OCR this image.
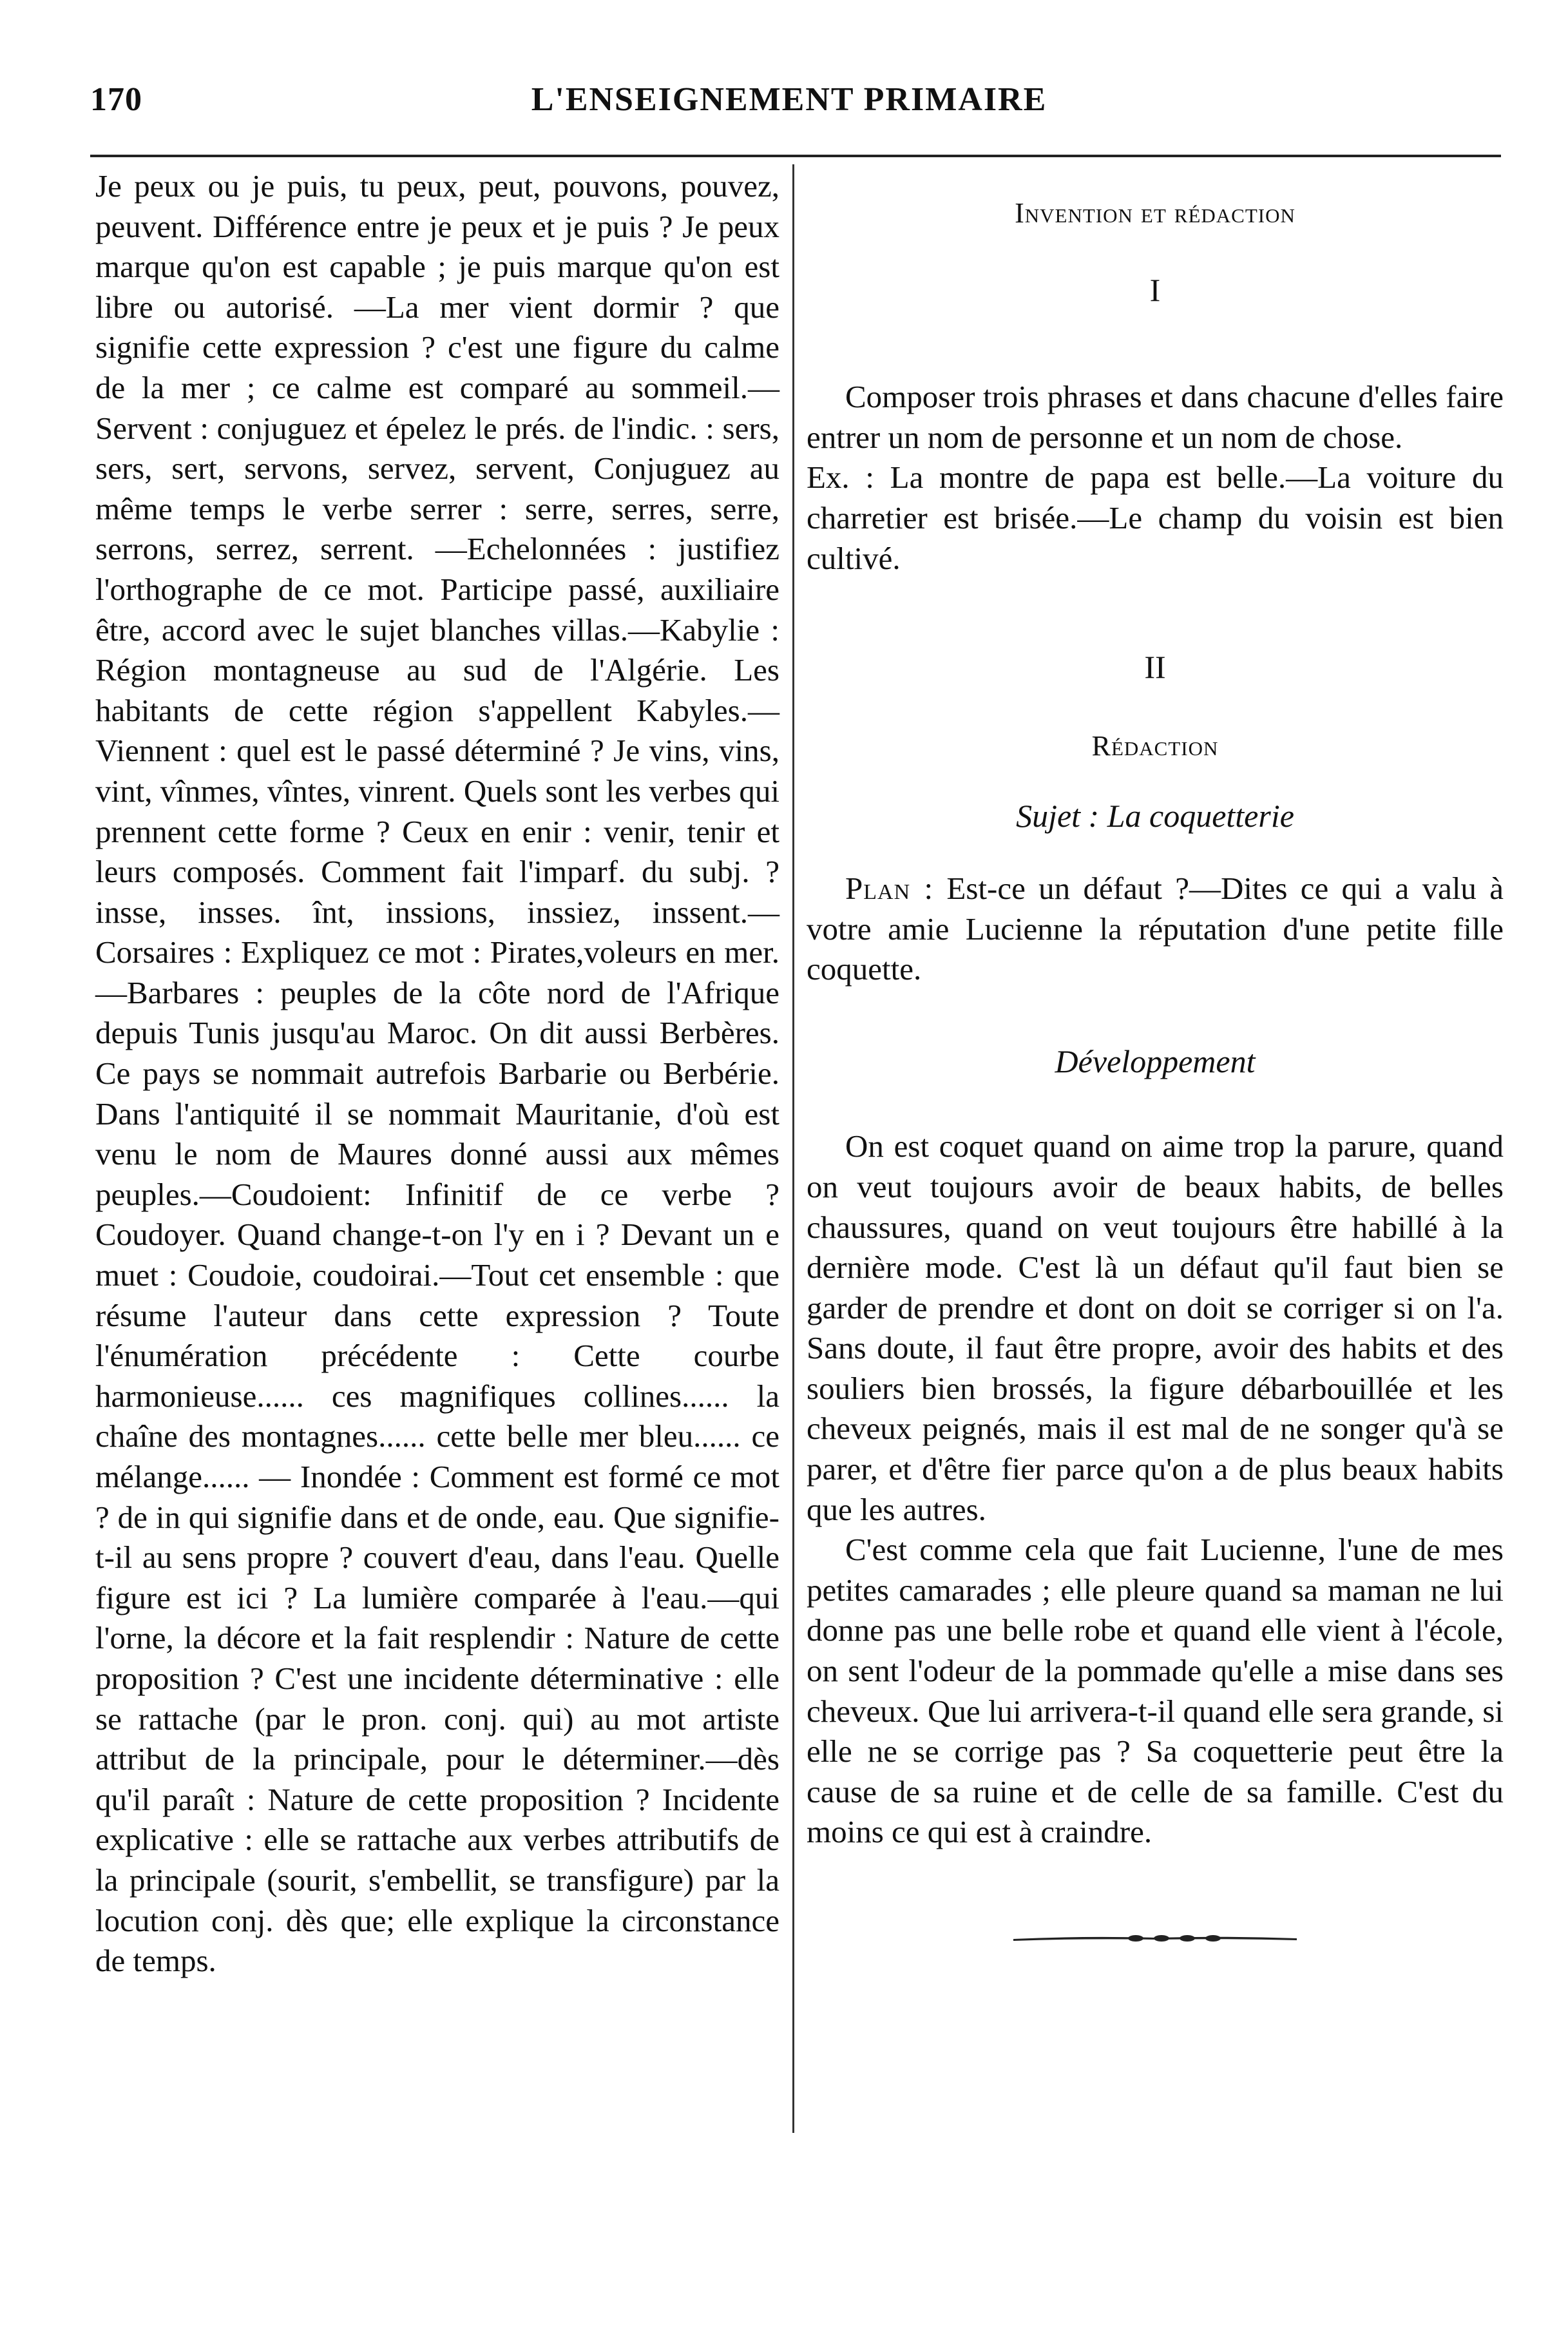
170	L'ENSEIGNEMENT PRIMAIRE

Je peux ou je puis, tu peux, peut, pouvons, pouvez, peuvent. Différence entre je peux et je puis ? Je peux marque qu'on est capable ; je puis marque qu'on est libre ou autorisé. —La mer vient dormir ? que signifie cette expression ? c'est une figure du calme de la mer ; ce calme est comparé au sommeil.— Servent : conjuguez et épelez le prés. de l'indic. : sers, sers, sert, servons, servez, servent, Conjuguez au même temps le verbe serrer : serre, serres, serre, serrons, serrez, serrent. —Echelonnées : justifiez l'orthographe de ce mot. Participe passé, auxiliaire être, accord avec le sujet blanches villas.—Kabylie : Région montagneuse au sud de l'Algérie. Les habitants de cette région s'appellent Kabyles.— Viennent : quel est le passé déterminé ? Je vins, vins, vint, vînmes, vîntes, vinrent. Quels sont les verbes qui prennent cette forme ? Ceux en enir : venir, tenir et leurs composés. Comment fait l'imparf. du subj. ? insse, insses. înt, inssions, inssiez, inssent.—Corsaires : Expliquez ce mot : Pirates,voleurs en mer.—Barbares : peuples de la côte nord de l'Afrique depuis Tunis jusqu'au Maroc. On dit aussi Berbères. Ce pays se nommait autrefois Barbarie ou Berbérie. Dans l'antiquité il se nommait Mauritanie, d'où est venu le nom de Maures donné aussi aux mêmes peuples.—Coudoient: Infinitif de ce verbe ? Coudoyer. Quand change-t-on l'y en i ? Devant un e muet : Coudoie, coudoirai.—Tout cet ensemble : que résume l'auteur dans cette expression ? Toute l'énumération précédente : Cette courbe harmonieuse...... ces magnifiques collines...... la chaîne des montagnes...... cette belle mer bleu...... ce mélange...... — Inondée : Comment est formé ce mot ? de in qui signifie dans et de onde, eau. Que signifie-t-il au sens propre ? couvert d'eau, dans l'eau. Quelle figure est ici ? La lumière comparée à l'eau.—qui l'orne, la décore et la fait resplendir : Nature de cette proposition ? C'est une incidente déterminative : elle se rattache (par le pron. conj. qui) au mot artiste attribut de la principale, pour le déterminer.—dès qu'il paraît : Nature de cette proposition ? Incidente explicative : elle se rattache aux verbes attributifs de la principale (sourit, s'embellit, se transfigure) par la locution conj. dès que; elle explique la circonstance de temps.

Invention et rédaction

I

Composer trois phrases et dans chacune d'elles faire entrer un nom de personne et un nom de chose.

Ex. : La montre de papa est belle.—La voiture du charretier est brisée.—Le champ du voisin est bien cultivé.

II

Rédaction

Sujet : La coquetterie

Plan : Est-ce un défaut ?—Dites ce qui a valu à votre amie Lucienne la réputation d'une petite fille coquette.

Développement

On est coquet quand on aime trop la parure, quand on veut toujours avoir de beaux habits, de belles chaussures, quand on veut toujours être habillé à la dernière mode. C'est là un défaut qu'il faut bien se garder de prendre et dont on doit se corriger si on l'a. Sans doute, il faut être propre, avoir des habits et des souliers bien brossés, la figure débarbouillée et les cheveux peignés, mais il est mal de ne songer qu'à se parer, et d'être fier parce qu'on a de plus beaux habits que les autres.

C'est comme cela que fait Lucienne, l'une de mes petites camarades ; elle pleure quand sa maman ne lui donne pas une belle robe et quand elle vient à l'école, on sent l'odeur de la pommade qu'elle a mise dans ses cheveux. Que lui arrivera-t-il quand elle sera grande, si elle ne se corrige pas ? Sa coquetterie peut être la cause de sa ruine et de celle de sa famille. C'est du moins ce qui est à craindre.
